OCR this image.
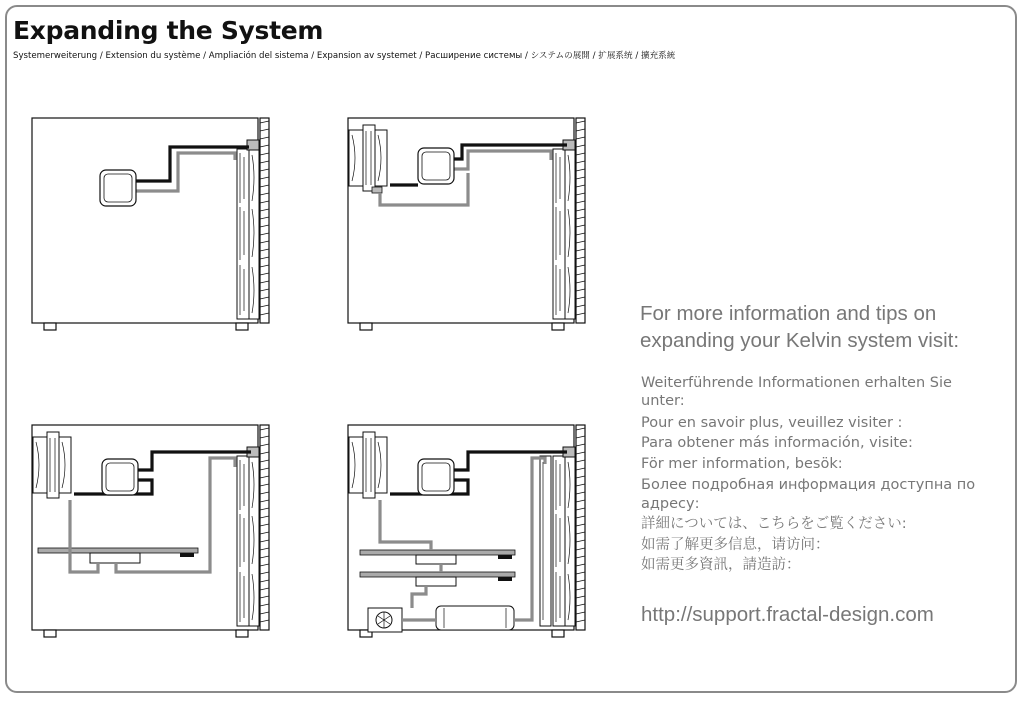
Expanding the System

Systemerweiterung / Extension du système / Ampliación del sistema / Expansion av systemet / Расширение системы / システムの展開 / 扩展系统 / 擴充系統

For more information and tips on
expanding your Kelvin system visit:
Weiterführende Informationen erhalten Sie
unter:
Pour en savoir plus, veuillez visiter :
Para obtener más información, visite:
För mer information, besök:
Более подробная информация доступна по
адресу:
詳細については、こちらをご覧ください:
如需了解更多信息，请访问：
如需更多資訊，請造訪：
http://support.fractal-design.com
